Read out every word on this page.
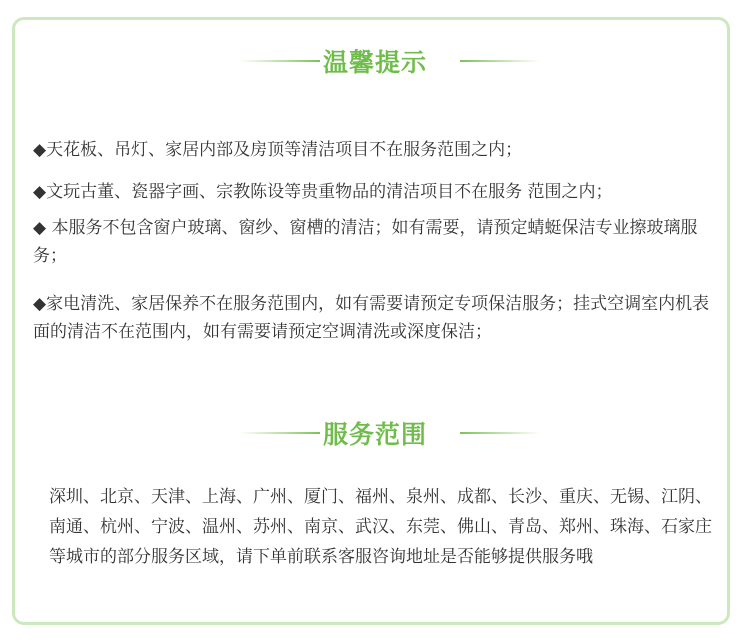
温馨提示
◆天花板、吊灯、家居内部及房顶等清洁项目不在服务范围之内；
◆文玩古董、瓷器字画、宗教陈设等贵重物品的清洁项目不在服务 范围之内；
◆ 本服务不包含窗户玻璃、窗纱、窗槽的清洁；如有需要，请预定蜻蜓保洁专业擦玻璃服务；
◆家电清洗、家居保养不在服务范围内，如有需要请预定专项保洁服务；挂式空调室内机表面的清洁不在范围内，如有需要请预定空调清洗或深度保洁；
服务范围
深圳、北京、天津、上海、广州、厦门、福州、泉州、成都、长沙、重庆、无锡、江阴、南通、杭州、宁波、温州、苏州、南京、武汉、东莞、佛山、青岛、郑州、珠海、石家庄等城市的部分服务区域，请下单前联系客服咨询地址是否能够提供服务哦
